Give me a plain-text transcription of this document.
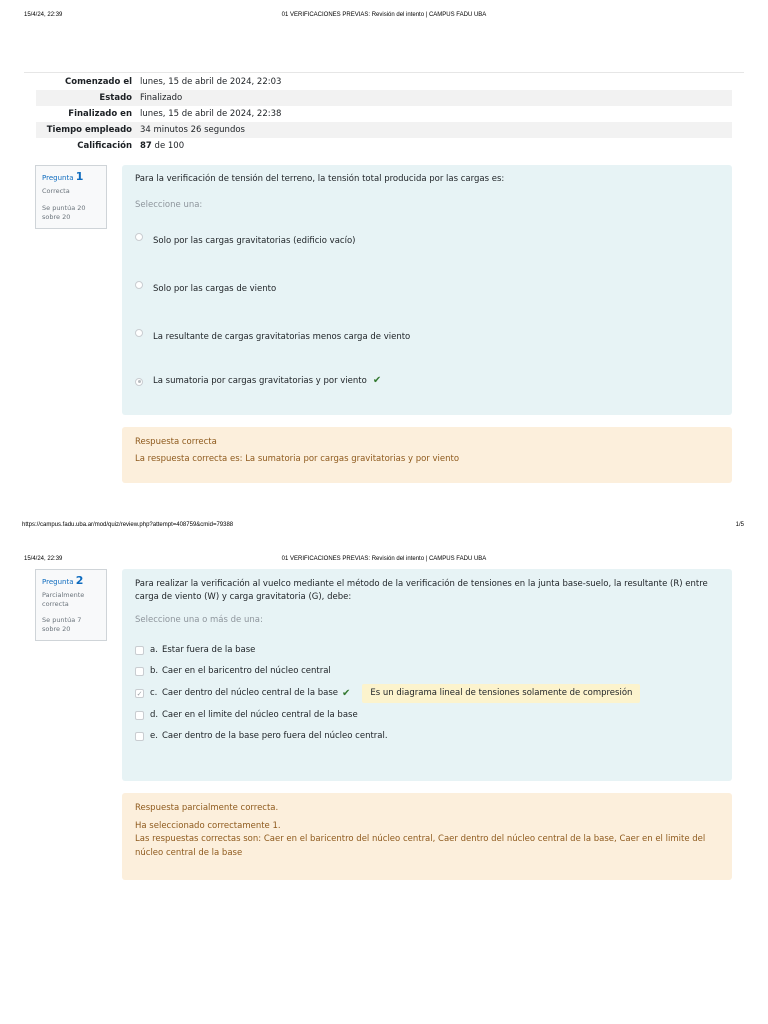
15/4/24, 22:39	01 VERIFICACIONES PREVIAS: Revisión del intento | CAMPUS FADU UBA
Comenzado el	lunes, 15 de abril de 2024, 22:03
Estado	Finalizado
Finalizado en	lunes, 15 de abril de 2024, 22:38
Tiempo empleado	34 minutos 26 segundos
Calificación	87 de 100
Pregunta 1
Correcta
Se puntúa 20 sobre 20
Para la verificación de tensión del terreno, la tensión total producida por las cargas es:
Seleccione una:
Solo por las cargas gravitatorias (edificio vacío)
Solo por las cargas de viento
La resultante de cargas gravitatorias menos carga de viento
La sumatoria por cargas gravitatorias y por viento ✔
Respuesta correcta
La respuesta correcta es: La sumatoria por cargas gravitatorias y por viento
https://campus.fadu.uba.ar/mod/quiz/review.php?attempt=408759&cmid=79388	1/5
15/4/24, 22:39	01 VERIFICACIONES PREVIAS: Revisión del intento | CAMPUS FADU UBA
Pregunta 2
Parcialmente correcta
Se puntúa 7 sobre 20
Para realizar la verificación al vuelco mediante el método de la verificación de tensiones en la junta base-suelo, la resultante (R) entre carga de viento (W) y carga gravitatoria (G), debe:
Seleccione una o más de una:
a. Estar fuera de la base
b. Caer en el baricentro del núcleo central
✓ c. Caer dentro del núcleo central de la base ✔	Es un diagrama lineal de tensiones solamente de compresión
d. Caer en el limite del núcleo central de la base
e. Caer dentro de la base pero fuera del núcleo central.
Respuesta parcialmente correcta.
Ha seleccionado correctamente 1.
Las respuestas correctas son: Caer en el baricentro del núcleo central, Caer dentro del núcleo central de la base, Caer en el limite del núcleo central de la base
